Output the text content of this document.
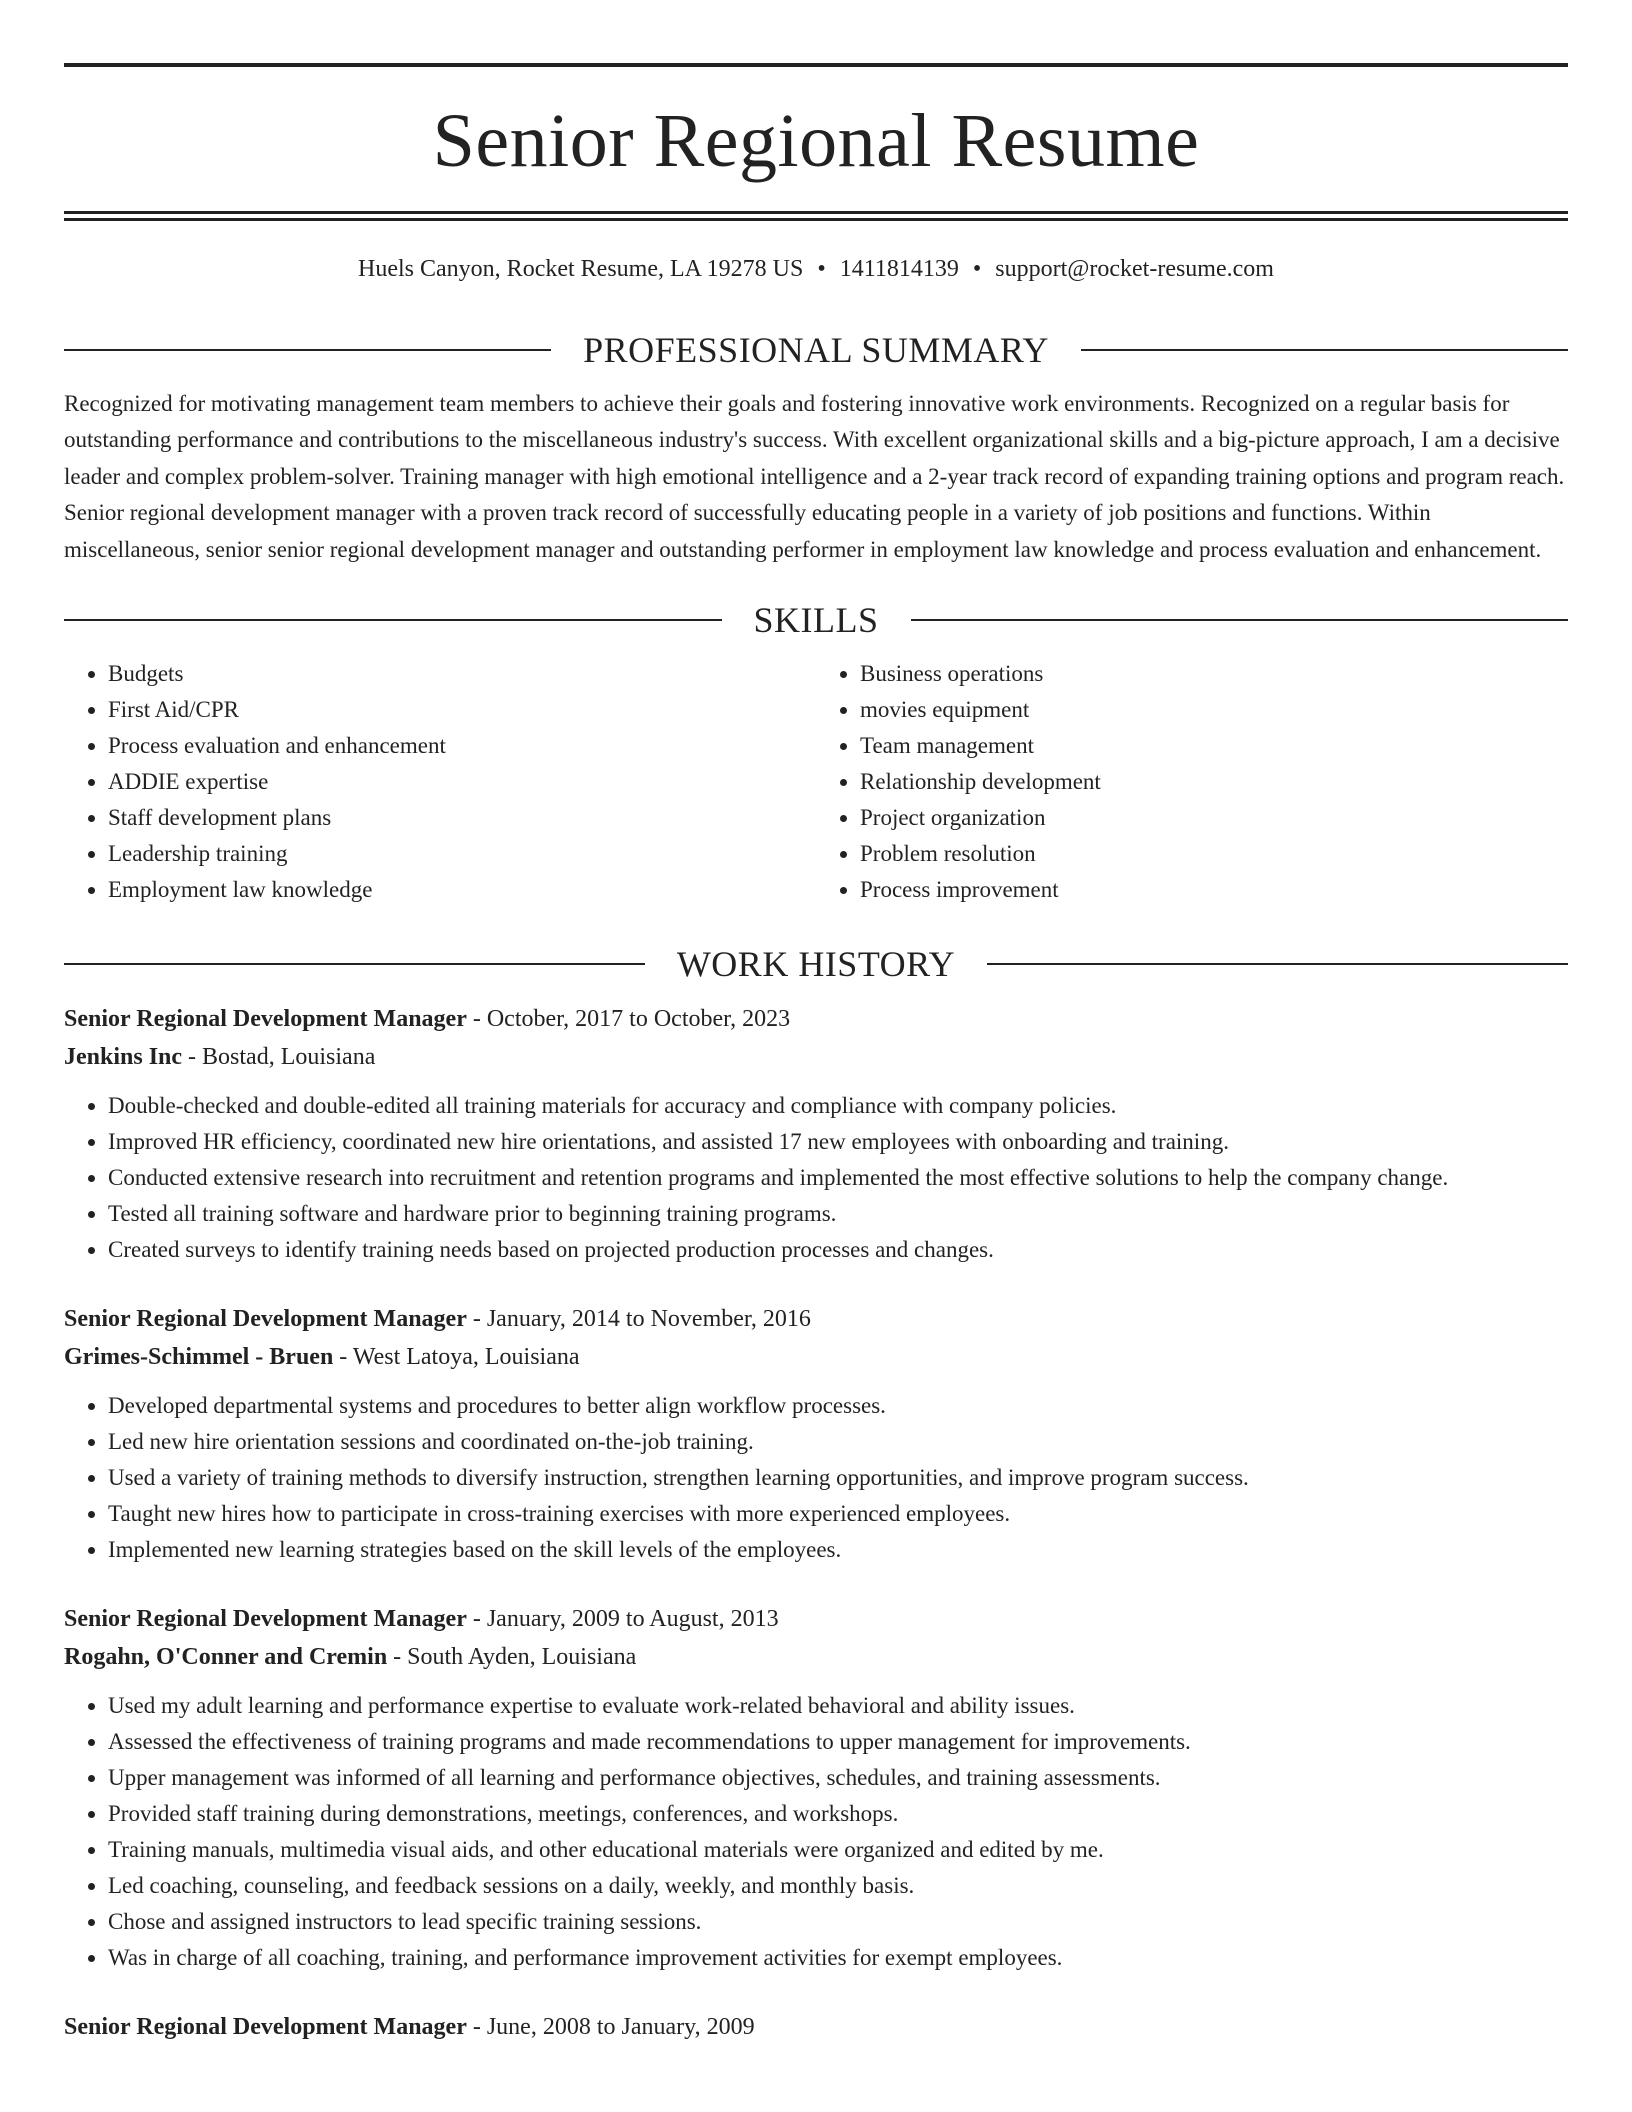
Senior Regional Resume
Huels Canyon, Rocket Resume, LA 19278 US • 1411814139 • support@rocket-resume.com
PROFESSIONAL SUMMARY

Recognized for motivating management team members to achieve their goals and fostering innovative work environments. Recognized on a regular basis for outstanding performance and contributions to the miscellaneous industry's success. With excellent organizational skills and a big-picture approach, I am a decisive leader and complex problem-solver. Training manager with high emotional intelligence and a 2-year track record of expanding training options and program reach. Senior regional development manager with a proven track record of successfully educating people in a variety of job positions and functions. Within miscellaneous, senior senior regional development manager and outstanding performer in employment law knowledge and process evaluation and enhancement.

SKILLS
• Budgets
• First Aid/CPR
• Process evaluation and enhancement
• ADDIE expertise
• Staff development plans
• Leadership training
• Employment law knowledge
• Business operations
• movies equipment
• Team management
• Relationship development
• Project organization
• Problem resolution
• Process improvement
WORK HISTORY
Senior Regional Development Manager - October, 2017 to October, 2023
Jenkins Inc - Bostad, Louisiana
• Double-checked and double-edited all training materials for accuracy and compliance with company policies.
• Improved HR efficiency, coordinated new hire orientations, and assisted 17 new employees with onboarding and training.
• Conducted extensive research into recruitment and retention programs and implemented the most effective solutions to help the company change.
• Tested all training software and hardware prior to beginning training programs.
• Created surveys to identify training needs based on projected production processes and changes.
Senior Regional Development Manager - January, 2014 to November, 2016
Grimes-Schimmel - Bruen - West Latoya, Louisiana
• Developed departmental systems and procedures to better align workflow processes.
• Led new hire orientation sessions and coordinated on-the-job training.
• Used a variety of training methods to diversify instruction, strengthen learning opportunities, and improve program success.
• Taught new hires how to participate in cross-training exercises with more experienced employees.
• Implemented new learning strategies based on the skill levels of the employees.
Senior Regional Development Manager - January, 2009 to August, 2013
Rogahn, O'Conner and Cremin - South Ayden, Louisiana
• Used my adult learning and performance expertise to evaluate work-related behavioral and ability issues.
• Assessed the effectiveness of training programs and made recommendations to upper management for improvements.
• Upper management was informed of all learning and performance objectives, schedules, and training assessments.
• Provided staff training during demonstrations, meetings, conferences, and workshops.
• Training manuals, multimedia visual aids, and other educational materials were organized and edited by me.
• Led coaching, counseling, and feedback sessions on a daily, weekly, and monthly basis.
• Chose and assigned instructors to lead specific training sessions.
• Was in charge of all coaching, training, and performance improvement activities for exempt employees.
Senior Regional Development Manager - June, 2008 to January, 2009
